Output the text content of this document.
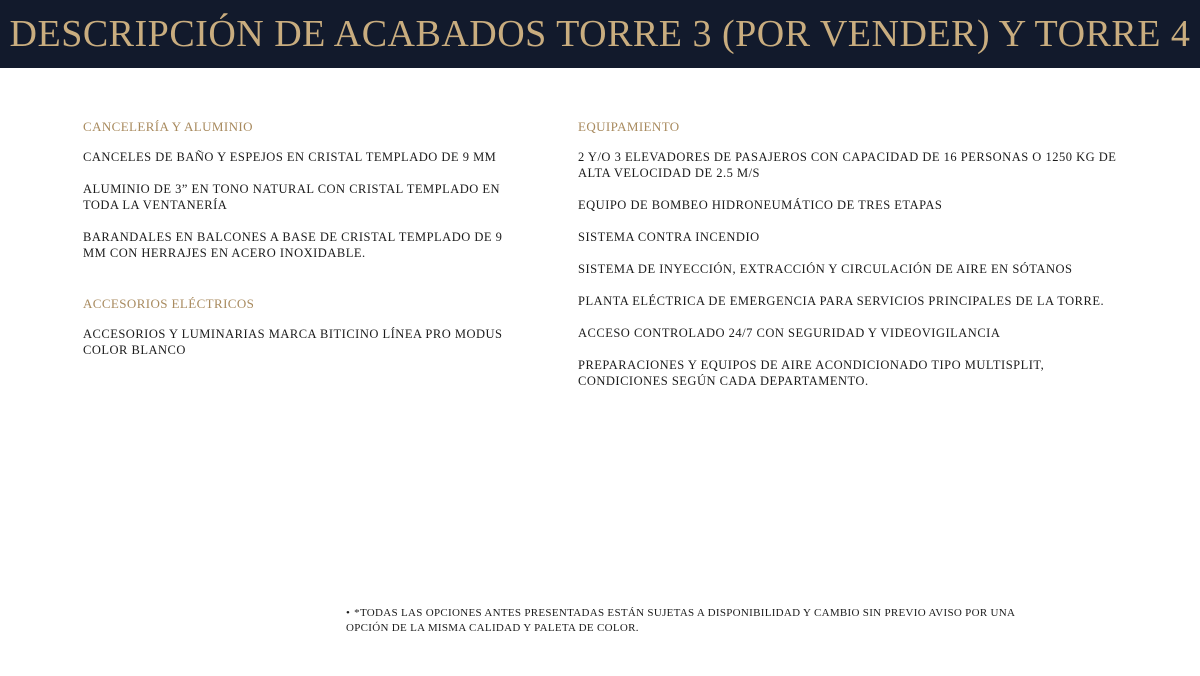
DESCRIPCIÓN DE ACABADOS TORRE 3 (POR VENDER) Y TORRE 4
CANCELERÍA Y ALUMINIO
CANCELES DE BAÑO Y ESPEJOS EN CRISTAL TEMPLADO DE 9 MM
ALUMINIO DE 3” EN TONO NATURAL CON CRISTAL TEMPLADO EN TODA LA VENTANERÍA
BARANDALES EN BALCONES A BASE DE CRISTAL TEMPLADO DE 9 MM CON HERRAJES EN ACERO INOXIDABLE.
ACCESORIOS ELÉCTRICOS
ACCESORIOS Y LUMINARIAS MARCA BITICINO LÍNEA PRO MODUS COLOR BLANCO
EQUIPAMIENTO
2 Y/O 3 ELEVADORES DE PASAJEROS CON CAPACIDAD DE 16 PERSONAS O 1250 KG DE ALTA VELOCIDAD DE 2.5 M/S
EQUIPO DE BOMBEO HIDRONEUMÁTICO DE TRES ETAPAS
SISTEMA CONTRA INCENDIO
SISTEMA DE INYECCIÓN, EXTRACCIÓN Y CIRCULACIÓN DE AIRE EN SÓTANOS
PLANTA ELÉCTRICA DE EMERGENCIA PARA SERVICIOS PRINCIPALES DE LA TORRE.
ACCESO CONTROLADO 24/7 CON SEGURIDAD Y VIDEOVIGILANCIA
PREPARACIONES Y EQUIPOS DE AIRE ACONDICIONADO TIPO MULTISPLIT, CONDICIONES SEGÚN CADA DEPARTAMENTO.
• *TODAS LAS OPCIONES ANTES PRESENTADAS ESTÁN SUJETAS A DISPONIBILIDAD Y CAMBIO SIN PREVIO AVISO POR UNA OPCIÓN DE LA MISMA CALIDAD Y PALETA DE COLOR.
